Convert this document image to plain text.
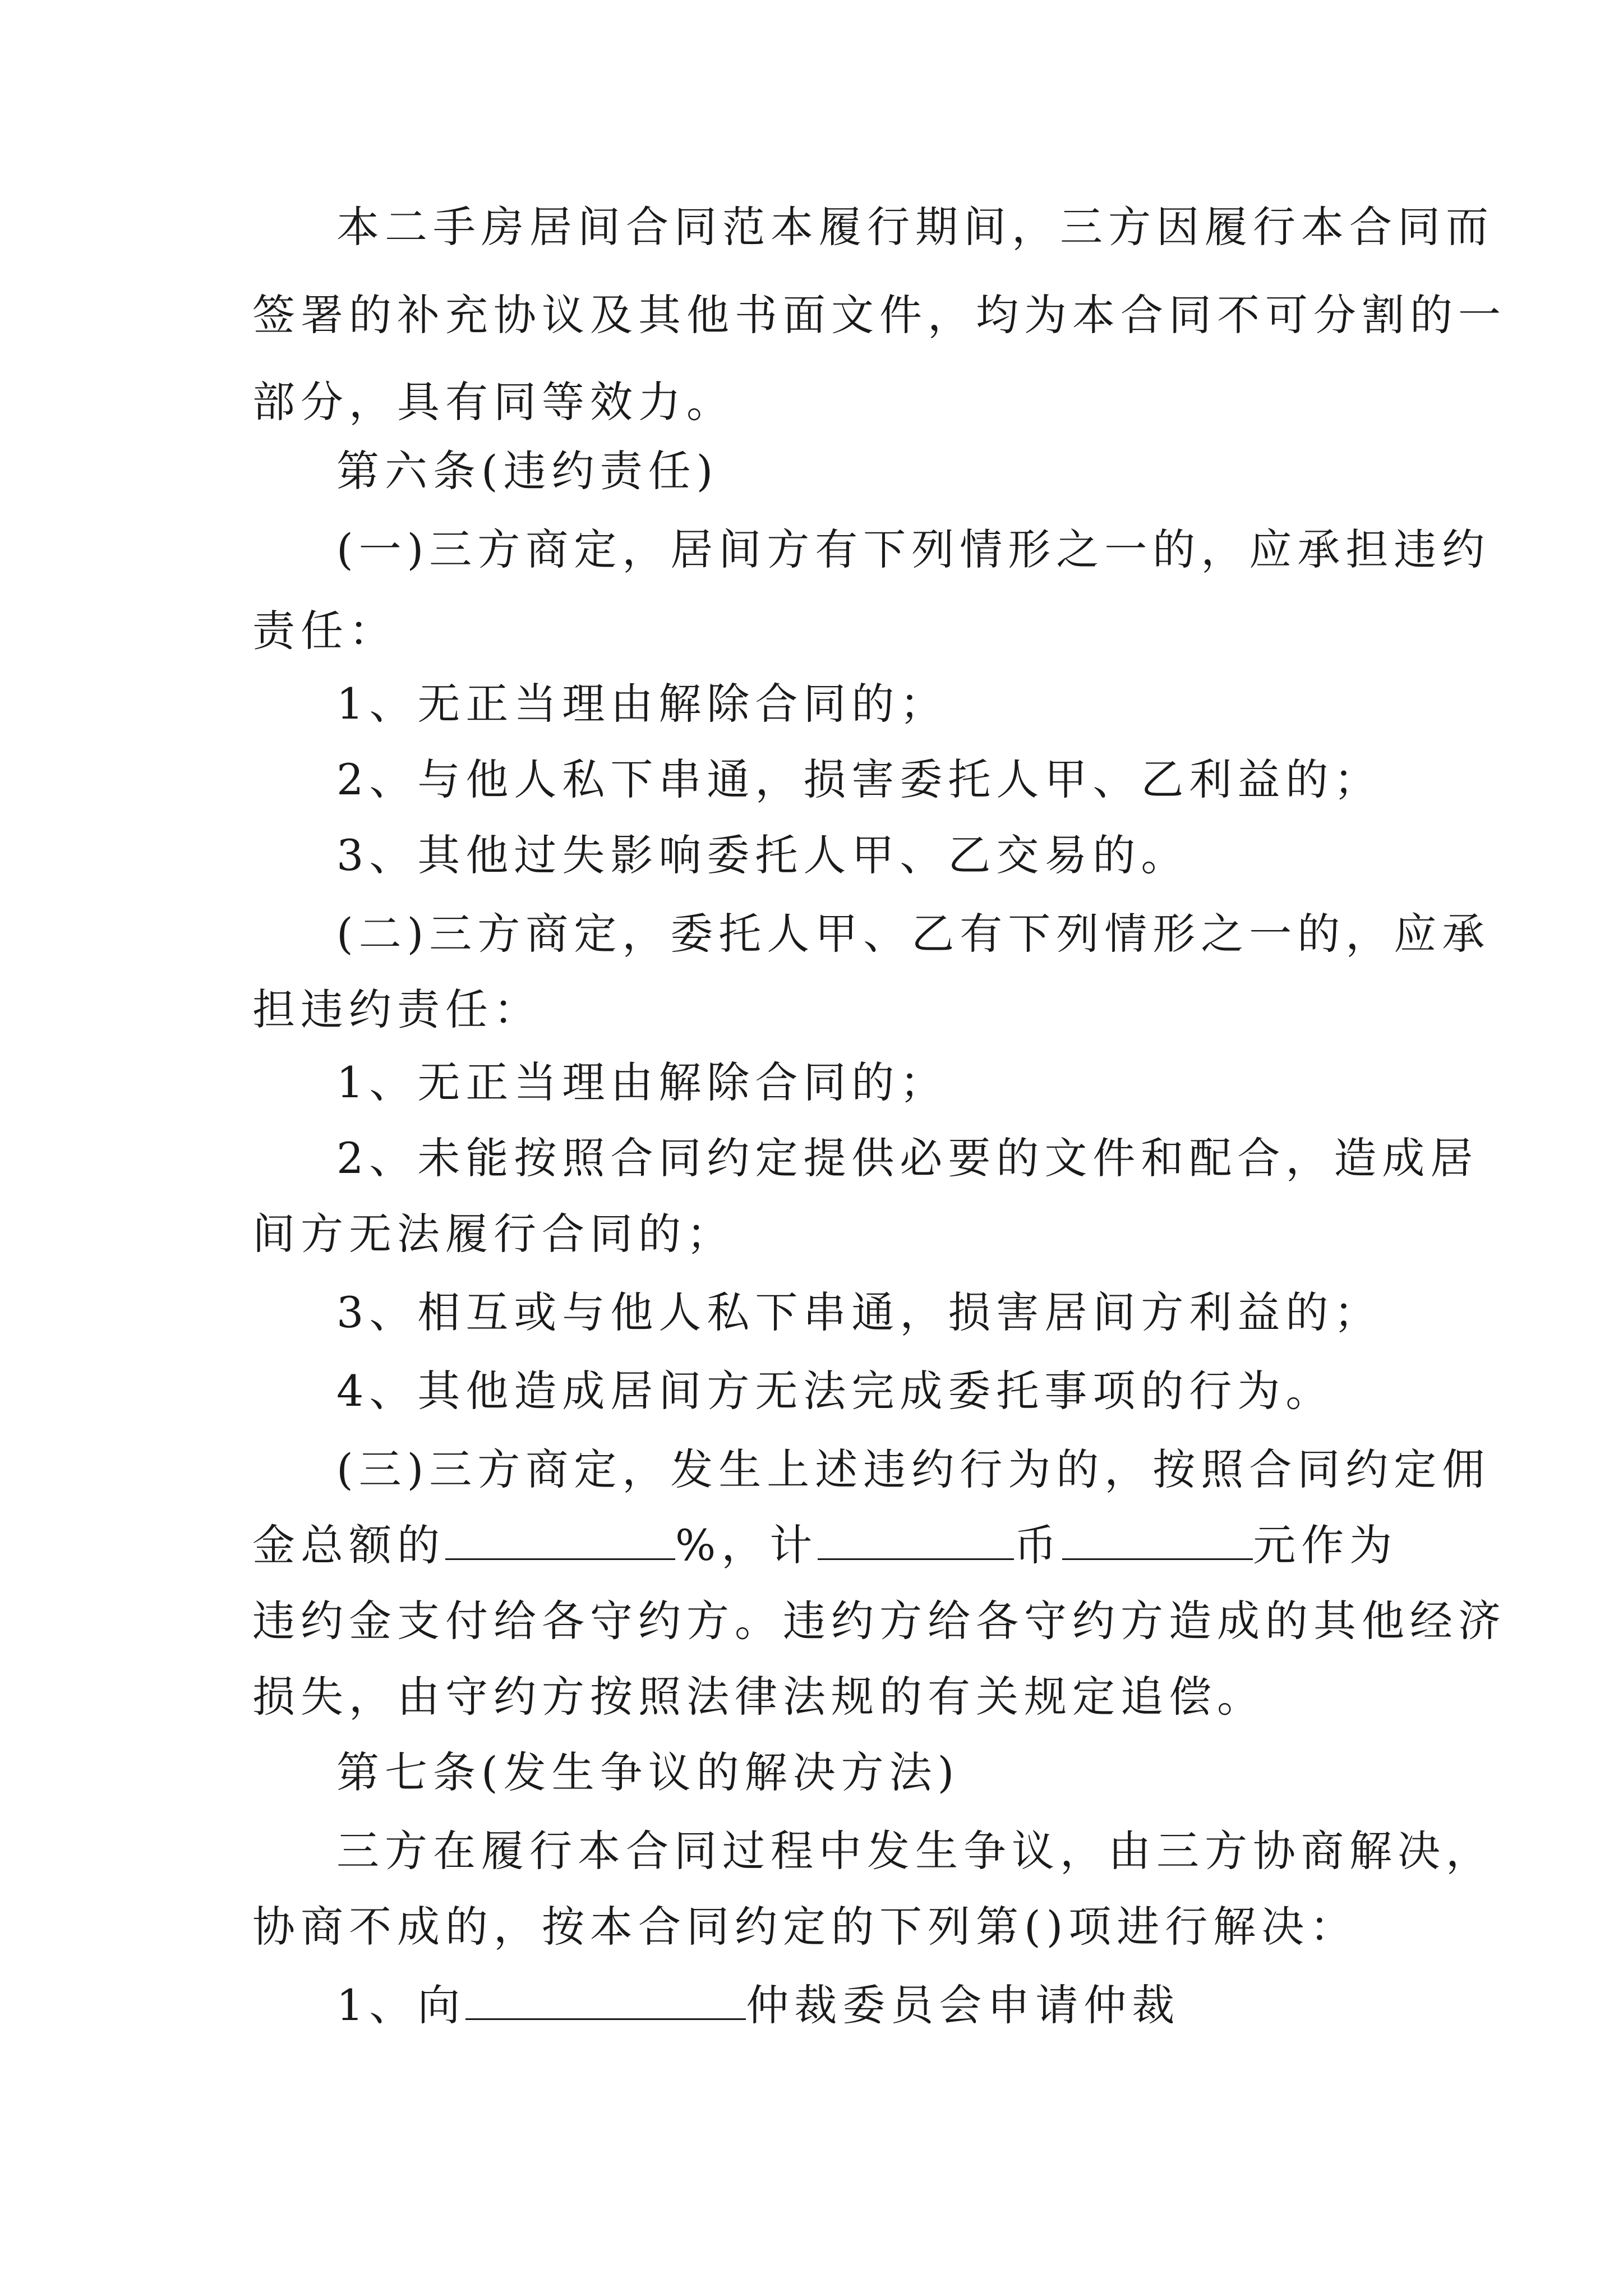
本二手房居间合同范本履行期间，三方因履行本合同而
签署的补充协议及其他书面文件，均为本合同不可分割的一
部分，具有同等效力。
第六条(违约责任)
(一)三方商定，居间方有下列情形之一的，应承担违约
责任：
1、无正当理由解除合同的；
2、与他人私下串通，损害委托人甲、乙利益的；
3、其他过失影响委托人甲、乙交易的。
(二)三方商定，委托人甲、乙有下列情形之一的，应承
担违约责任：
1、无正当理由解除合同的；
2、未能按照合同约定提供必要的文件和配合，造成居
间方无法履行合同的；
3、相互或与他人私下串通，损害居间方利益的；
4、其他造成居间方无法完成委托事项的行为。
(三)三方商定，发生上述违约行为的，按照合同约定佣
金总额的	%，计	币	元作为
违约金支付给各守约方。违约方给各守约方造成的其他经济
损失，由守约方按照法律法规的有关规定追偿。
第七条(发生争议的解决方法)
三方在履行本合同过程中发生争议，由三方协商解决，
协商不成的，按本合同约定的下列第()项进行解决：
1、向	仲裁委员会申请仲裁
